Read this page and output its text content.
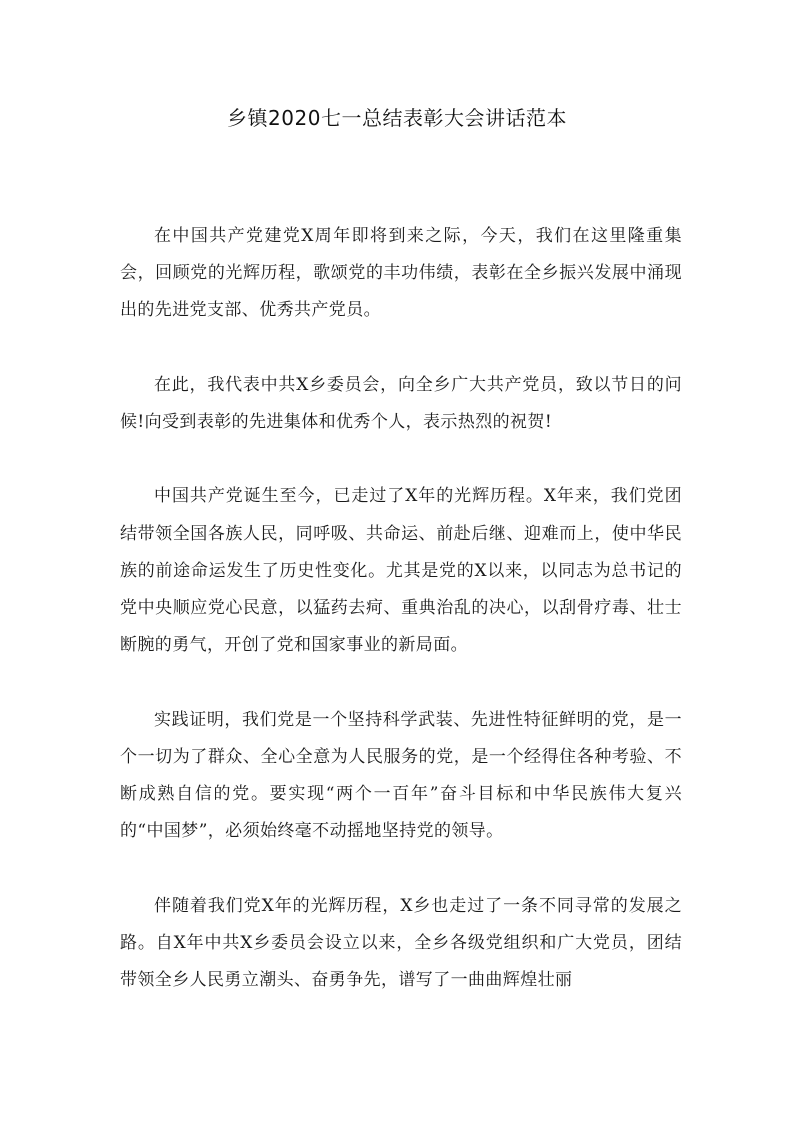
乡镇2020七一总结表彰大会讲话范本

在中国共产党建党X周年即将到来之际，今天，我们在这里隆重集会，回顾党的光辉历程，歌颂党的丰功伟绩，表彰在全乡振兴发展中涌现出的先进党支部、优秀共产党员。

在此，我代表中共X乡委员会，向全乡广大共产党员，致以节日的问候!向受到表彰的先进集体和优秀个人，表示热烈的祝贺!

中国共产党诞生至今，已走过了X年的光辉历程。X年来，我们党团结带领全国各族人民，同呼吸、共命运、前赴后继、迎难而上，使中华民族的前途命运发生了历史性变化。尤其是党的X以来，以同志为总书记的党中央顺应党心民意，以猛药去疴、重典治乱的决心，以刮骨疗毒、壮士断腕的勇气，开创了党和国家事业的新局面。

实践证明，我们党是一个坚持科学武装、先进性特征鲜明的党，是一个一切为了群众、全心全意为人民服务的党，是一个经得住各种考验、不断成熟自信的党。要实现“两个一百年”奋斗目标和中华民族伟大复兴的“中国梦”，必须始终毫不动摇地坚持党的领导。

伴随着我们党X年的光辉历程，X乡也走过了一条不同寻常的发展之路。自X年中共X乡委员会设立以来，全乡各级党组织和广大党员，团结带领全乡人民勇立潮头、奋勇争先，谱写了一曲曲辉煌壮丽
